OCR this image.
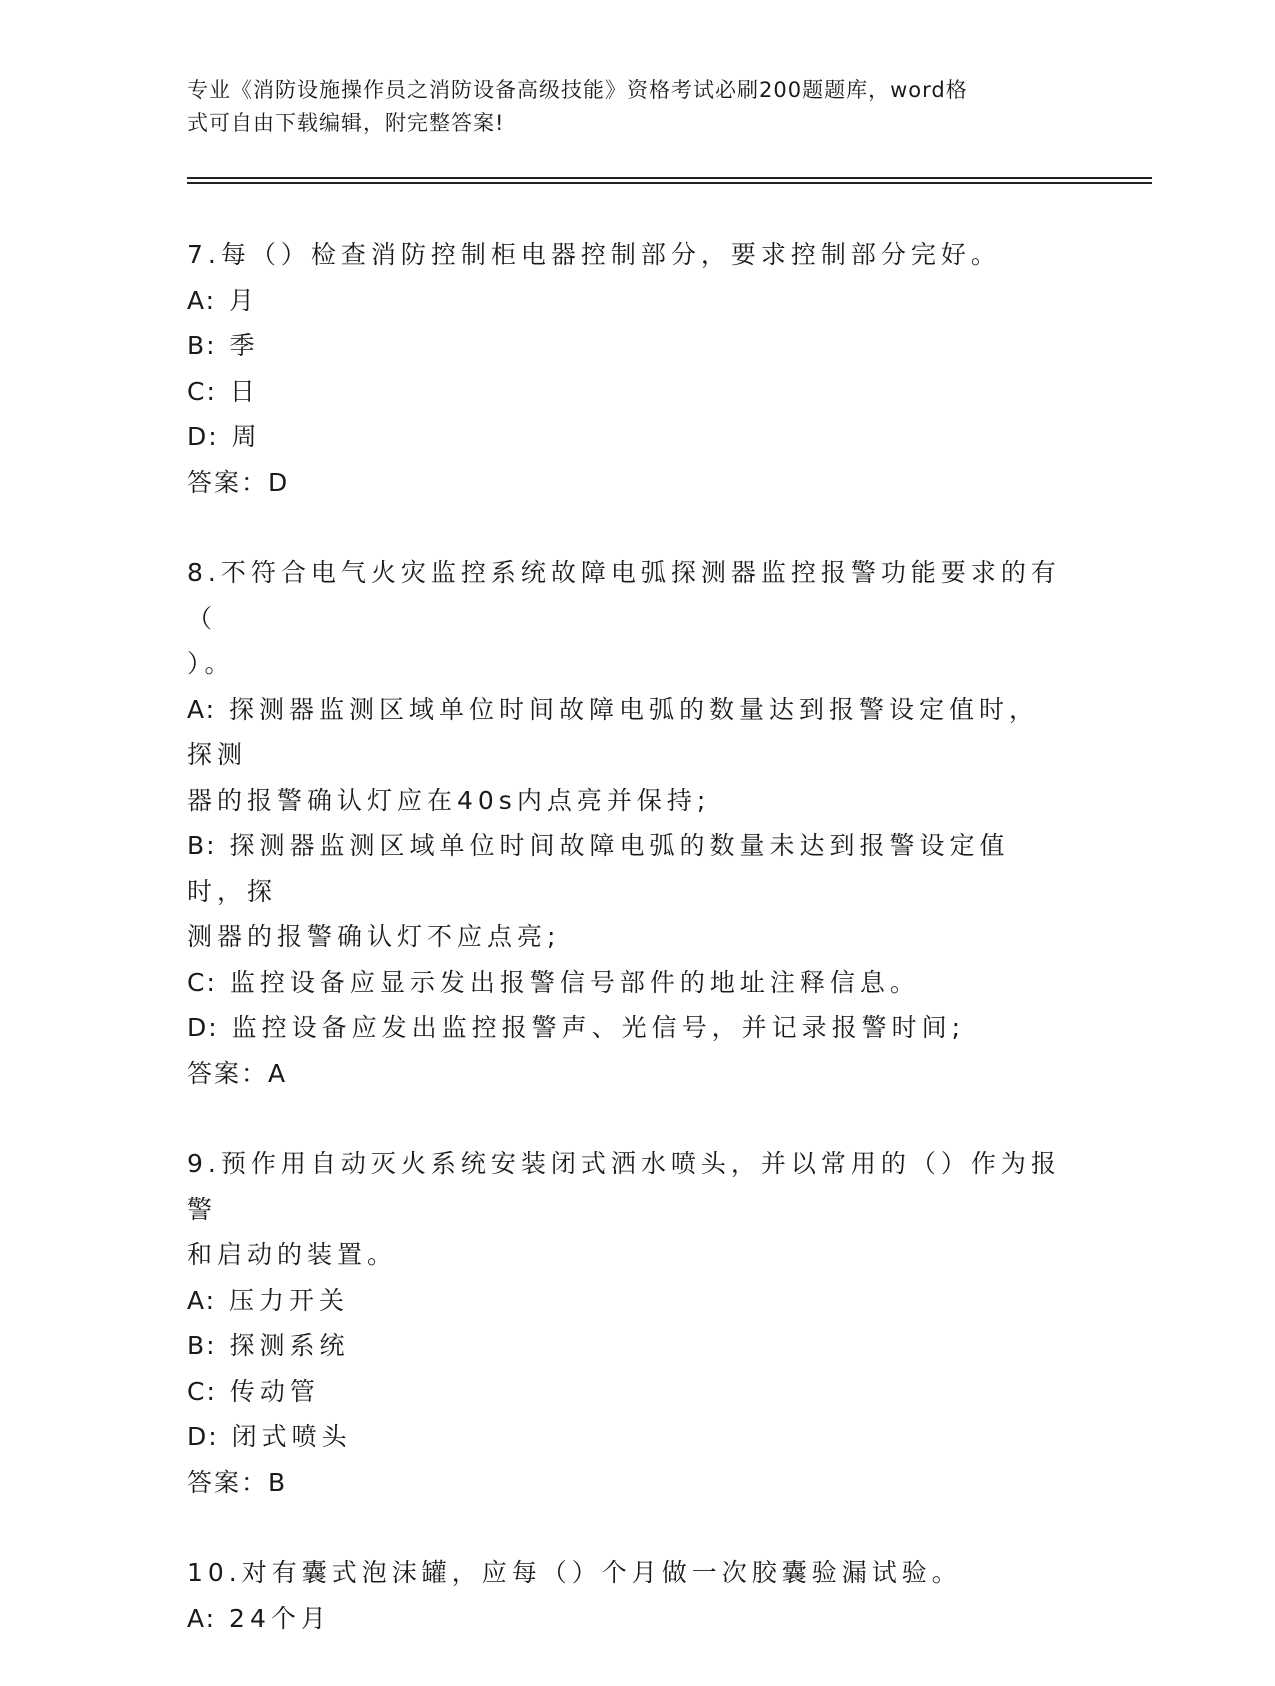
专业《消防设施操作员之消防设备高级技能》资格考试必刷200题题库，word格
式可自由下载编辑，附完整答案!

7.每（）检查消防控制柜电器控制部分，要求控制部分完好。

A: 月

B: 季

C: 日

D: 周

答案：D

8.不符合电气火灾监控系统故障电弧探测器监控报警功能要求的有（

）。

A: 探测器监测区域单位时间故障电弧的数量达到报警设定值时，探测

器的报警确认灯应在40s内点亮并保持;

B: 探测器监测区域单位时间故障电弧的数量未达到报警设定值时，探

测器的报警确认灯不应点亮;

C: 监控设备应显示发出报警信号部件的地址注释信息。

D: 监控设备应发出监控报警声、光信号，并记录报警时间;

答案：A

9.预作用自动灭火系统安装闭式洒水喷头，并以常用的（）作为报警

和启动的装置。

A: 压力开关

B: 探测系统

C: 传动管

D: 闭式喷头

答案：B

10.对有囊式泡沫罐，应每（）个月做一次胶囊验漏试验。

A: 24个月
